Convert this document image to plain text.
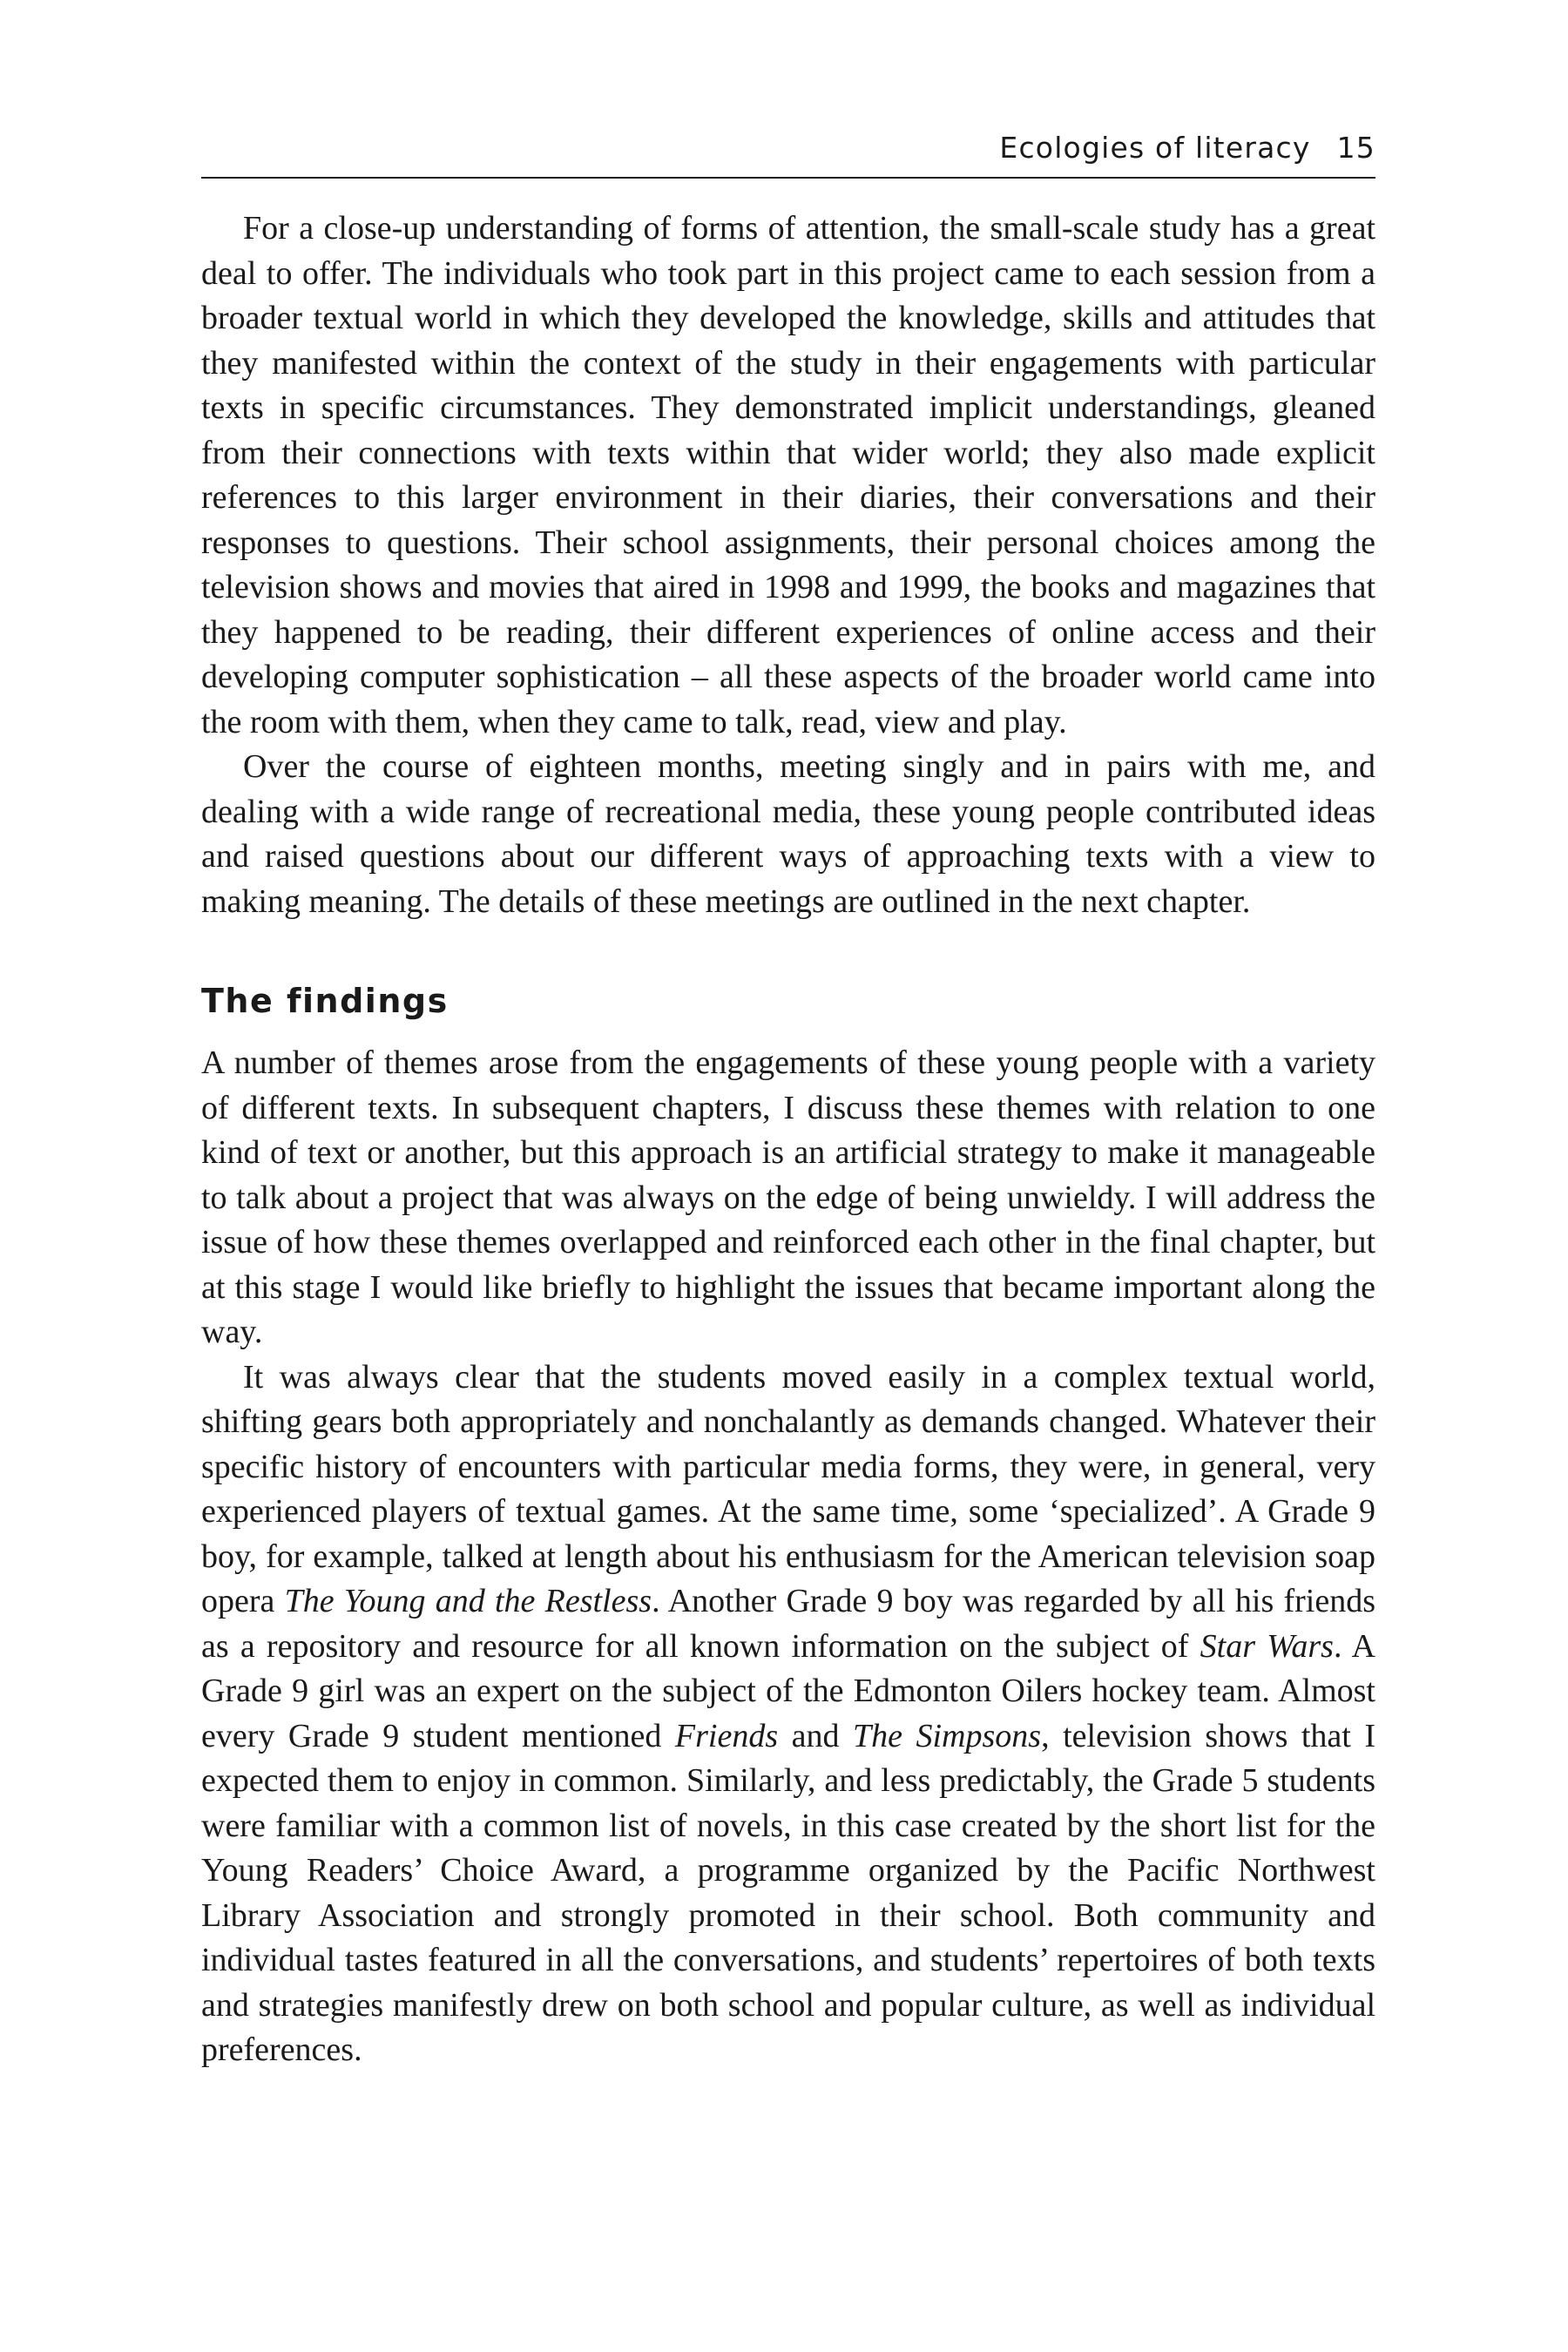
Ecologies of literacy 15

For a close-up understanding of forms of attention, the small-scale study has a great deal to offer. The individuals who took part in this project came to each session from a broader textual world in which they developed the knowledge, skills and attitudes that they manifested within the context of the study in their engagements with particular texts in specific circumstances. They demonstrated implicit understandings, gleaned from their connections with texts within that wider world; they also made explicit references to this larger environment in their diaries, their conversations and their responses to questions. Their school assignments, their personal choices among the television shows and movies that aired in 1998 and 1999, the books and magazines that they happened to be reading, their different experiences of online access and their developing computer sophistication – all these aspects of the broader world came into the room with them, when they came to talk, read, view and play.

Over the course of eighteen months, meeting singly and in pairs with me, and dealing with a wide range of recreational media, these young people contributed ideas and raised questions about our different ways of approaching texts with a view to making meaning. The details of these meetings are outlined in the next chapter.

The findings

A number of themes arose from the engagements of these young people with a variety of different texts. In subsequent chapters, I discuss these themes with relation to one kind of text or another, but this approach is an artificial strategy to make it manageable to talk about a project that was always on the edge of being unwieldy. I will address the issue of how these themes overlapped and reinforced each other in the final chapter, but at this stage I would like briefly to highlight the issues that became important along the way.

It was always clear that the students moved easily in a complex textual world, shifting gears both appropriately and nonchalantly as demands changed. Whatever their specific history of encounters with particular media forms, they were, in general, very experienced players of textual games. At the same time, some ‘specialized’. A Grade 9 boy, for example, talked at length about his enthusiasm for the American television soap opera The Young and the Restless. Another Grade 9 boy was regarded by all his friends as a repository and resource for all known information on the subject of Star Wars. A Grade 9 girl was an expert on the subject of the Edmonton Oilers hockey team. Almost every Grade 9 student mentioned Friends and The Simpsons, television shows that I expected them to enjoy in common. Similarly, and less predictably, the Grade 5 students were familiar with a common list of novels, in this case created by the short list for the Young Readers’ Choice Award, a programme organized by the Pacific Northwest Library Association and strongly promoted in their school. Both community and individual tastes featured in all the conversations, and students’ repertoires of both texts and strategies manifestly drew on both school and popular culture, as well as individual preferences.
